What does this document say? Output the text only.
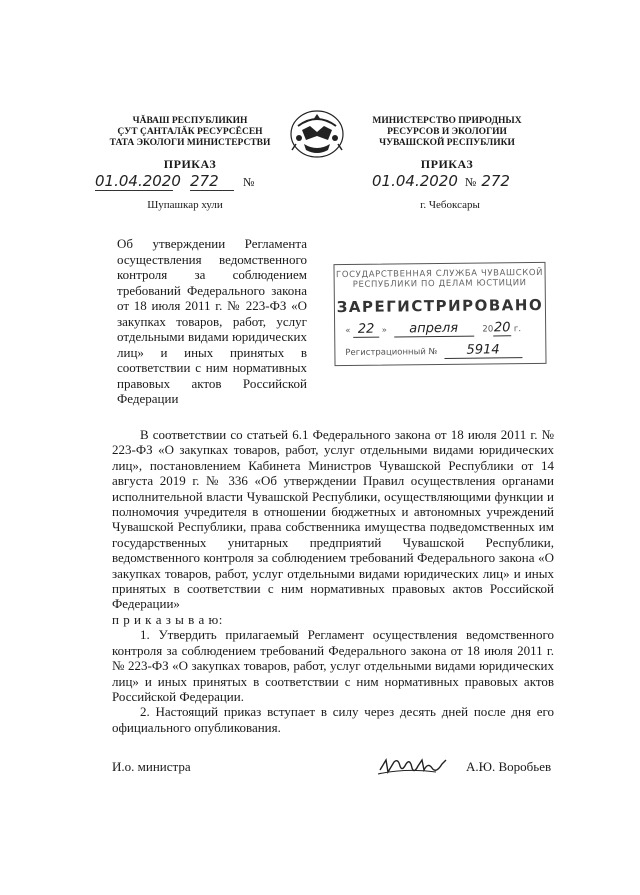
ЧĂВАШ РЕСПУБЛИКИН
ÇУТ ÇАНТАЛĂК РЕСУРСĔСЕН
ТАТА ЭКОЛОГИ МИНИСТЕРСТВИ
МИНИСТЕРСТВО ПРИРОДНЫХ
РЕСУРСОВ И ЭКОЛОГИИ
ЧУВАШСКОЙ РЕСПУБЛИКИ
ПРИКАЗ	ПРИКАЗ
01.04.2020 272 №	01.04.2020 № 272
Шупашкар хули	г. Чебоксары
Об утверждении Регламента осуществления ведомственного контроля за соблюдением требований Федерального закона от 18 июля 2011 г. № 223-ФЗ «О закупках товаров, работ, услуг отдельными видами юридических лиц» и иных принятых в соответствии с ним нормативных правовых актов Российской Федерации
ГОСУДАРСТВЕННАЯ СЛУЖБА ЧУВАШСКОЙ
РЕСПУБЛИКИ ПО ДЕЛАМ ЮСТИЦИИ
ЗАРЕГИСТРИРОВАНО
« 22 » апреля	2020 г.
Регистрационный № 5914

В соответствии со статьей 6.1 Федерального закона от 18 июля 2011 г. № 223-ФЗ «О закупках товаров, работ, услуг отдельными видами юридических лиц», постановлением Кабинета Министров Чувашской Республики от 14 августа 2019 г. № 336 «Об утверждении Правил осуществления органами исполнительной власти Чувашской Республики, осуществляющими функции и полномочия учредителя в отношении бюджетных и автономных учреждений Чувашской Республики, права собственника имущества подведомственных им государственных унитарных предприятий Чувашской Республики, ведомственного контроля за соблюдением требований Федерального закона «О закупках товаров, работ, услуг отдельными видами юридических лиц» и иных принятых в соответствии с ним нормативных правовых актов Российской Федерации»

п р и к а з ы в а ю:

1. Утвердить прилагаемый Регламент осуществления ведомственного контроля за соблюдением требований Федерального закона от 18 июля 2011 г. № 223-ФЗ «О закупках товаров, работ, услуг отдельными видами юридических лиц» и иных принятых в соответствии с ним нормативных правовых актов Российской Федерации.

2. Настоящий приказ вступает в силу через десять дней после дня его официального опубликования.

И.о. министра	А.Ю. Воробьев
